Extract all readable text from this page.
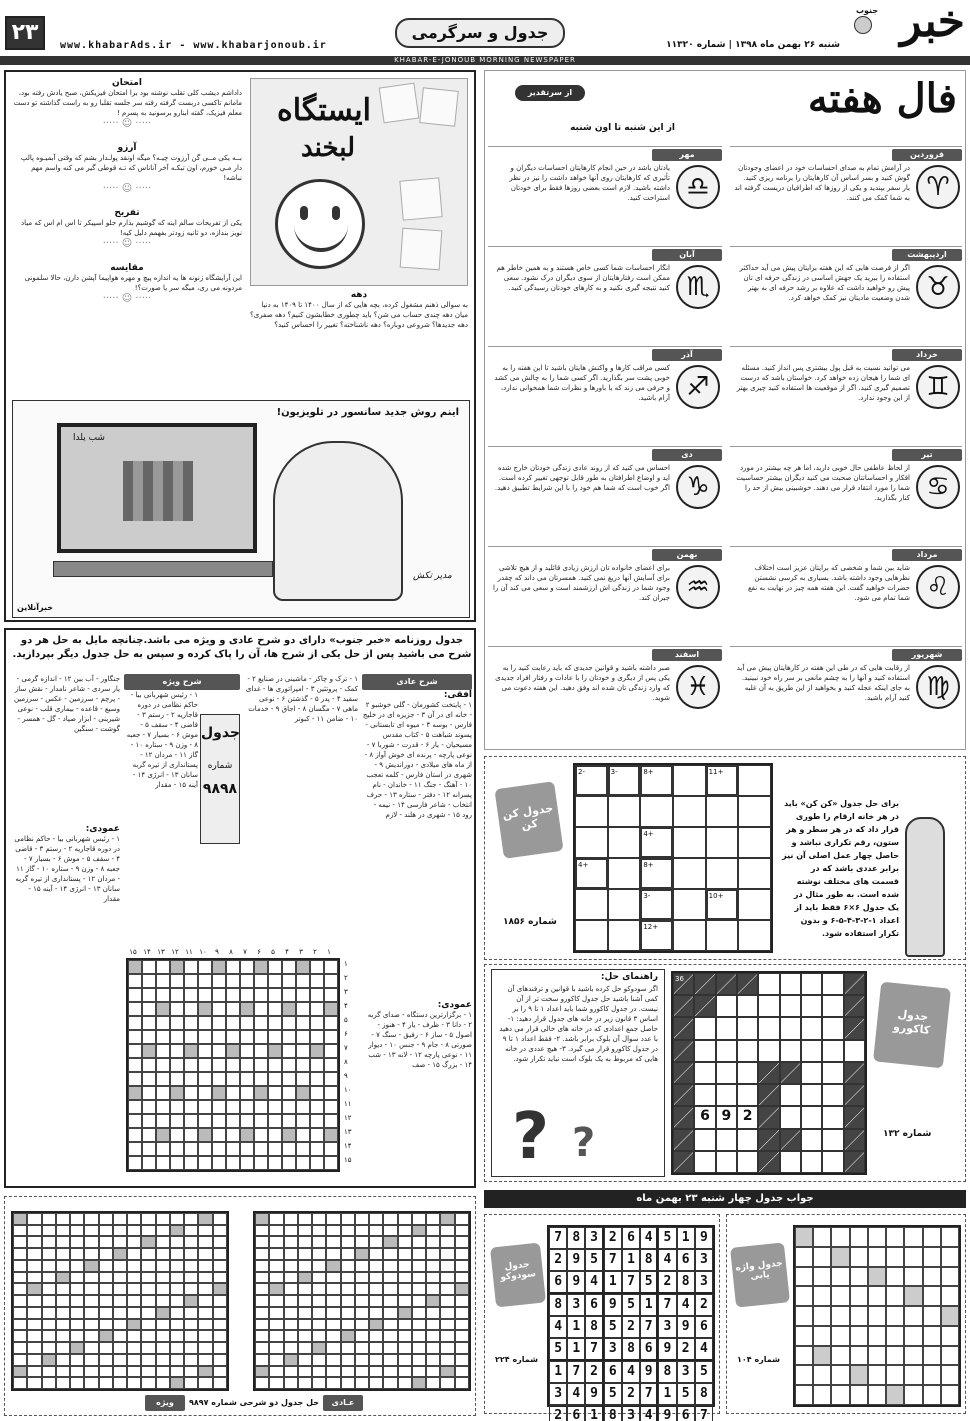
۲۳
www.khabarAds.ir - www.khabarjonoub.ir
جدول و سرگرمی
شنبه ۲۶ بهمن ماه ۱۳۹۸ | شماره ۱۱۳۲۰ خبر
جنوب
KHABAR-E-JONOUB MORNING NEWSPAPER
فال هفته
از سرتقدیر
از این شنبه تا اون شنبه
فروردین
♈
در آرامش تمام به صدای احساسات خود در اعضای وجودتان گوش کنید و بسر اساس آن کارهایتان را برنامه ریزی کنید. یار سفر بپندید و یکی از روزها که اطرافیان دریست گرفته اند به شما کمک می کنند.
اردیبهشت
♉
اگر از فرصت هایی که این هفته برایتان پیش می آید حداکثر استفاده را ببرید یک جهش اساسی در زندگی حرفه ای تان پیش رو خواهید داشت که علاوه بر رشد حرفه ای به بهتر شدن وضعیت مادیتان نیز کمک خواهد کرد.
خرداد
♊
می توانید نسبت به قبل پول بیشتری پس انداز کنید. مسئله ای شما را هیجان زده خواهد کرد. خواستان باشد که درست تصمیم گیری کنید. اگر از موقعیت ها استفاده کنید چیزی بهتر از این وجود ندارد.
تیر
♋
از لحاظ عاطفی حال خوبی دارید، اما هر چه بیشتر در مورد افکار و احساساتتان صحبت می کنید دیگران بیشتر حساسیت شما را مورد انتقاد قرار می دهند. خوشبینی بیش از حد را کنار بگذارید.
مرداد
♌
شاید بین شما و شخصی که برایتان عزیز است اختلاف نظرهایی وجود داشته باشد. بسیاری به کرسی نشستن حضرات خواهید گفت. این هفته همه چیز در نهایت به نفع شما تمام می شود.
شهریور
♍
از رقابت هایی که در طی این هفته در کارهایتان پیش می آید استفاده کنید و آنها را به چشم مانعی بر سر راه خود نبینید. به جای اینکه عجله کنید و بخواهید از این طریق به آن غلبه کنید آرام باشید.
مهر
♎
یادتان باشد در حین انجام کارهایتان احساسات دیگران و تأثیری که کارهایتان روی آنها خواهد داشت را نیز در نظر داشته باشید. لازم است بعضی روزها فقط برای خودتان استراحت کنید.
آبان
♏
انگار احساسات شما کسی خاص هستند و به همین خاطر هم ممکن است رفتارهایتان از سوی دیگران درک نشود. سعی کنید نتیجه گیری نکنید و به کارهای خودتان رسیدگی کنید.
آذر
♐
کسی مراقب کارها و واکنش هایتان باشید تا این هفته را به خوبی پشت سر بگذارید. اگر کسی شما را به چالش می کشد و حرفی می زند که با باورها و نظرات شما همخوانی ندارد، آرام باشید.
دی
♑
احساس می کنید که از روند عادی زندگی خودتان خارج شده اید و اوضاع اطرافتان به طور قابل توجهی تغییر کرده است. اگر خوب است که شما هم خود را با این شرایط تطبیق دهید.
بهمن
♒
برای اعضای خانواده تان ارزش زیادی قائلید و از هیچ تلاشی برای آسایش آنها دریغ نمی کنید. همسرتان می داند که چقدر وجود شما در زندگی اش ارزشمند است و سعی می کند آن را جبران کند.
اسفند
♓
صبر داشته باشید و قوانین جدیدی که باید رعایت کنید را به یکی پس از دیگری و خودتان را با عادات و رفتار افراد جدیدی که وارد زندگی تان شده اند وفق دهید. این هفته دعوت می شوید.
ایستگاه
لبخند
امتحان
داداشم دیشب کلی تقلب نوشته بود برا امتحان فیزیکش، صبح یادش رفته بود، مامانم تاکسی دربست گرفته رفته سر جلسه تقلبا رو به راست گذاشته تو دست معلم فیزیک، گفته ابنارو برسونید به پسرم !
····· ☺ ·····
آرزو
بــه یکی مــی گن آرزوت چیـه؟ میگه اونقد پولـدار بشم که وقتی آبمیـوه پالپ دار مـی خورم، اون تیکـه آخر آناناس که تـه قوطی گیر می کنه واسم مهم نباشه!
····· ☺ ·····
تفریح
یکی از تفریحات سالم اینه که گوشیم بذارم جلو اسپیکر تا اس ام اس که میاد نویز بندازه، دو ثانیه زودتر بفهمم دلیل کیه!
····· ☺ ·····
مقایسه
این آرایشگاه زنونه ها یه اندازه پیچ و مهره هواپیما آپشن دارن، حالا سلمونی مردونه می ری، میگه سر یا صورت؟!
····· ☺ ·····	دهه
به سوالی ذهنم مشغول کرده، بچه هایی که از سال ۱۴۰۰ تا ۱۴۰۹ به دنیا میان دهه چندی حساب می شن؟ باید چطوری خطابشون کنیم؟ دهه صفری؟ دهه جدیدها؟ شروعی دوباره؟ دهه ناشناخته؟ تغییر را احساس کنید؟
اینم روش جدید سانسور در تلویزیون!
شب یلدا
مدیر تکش
خبرآنلاین
جدول روزنامه «خبر جنوب» دارای دو شرح عادی و ویژه می باشد.چنانچه مایل به حل هر دو شرح می باشید پس از حل یکی از شرح ها، آن را پاک کرده و سپس به حل جدول دیگر بپردازید.
شرح عادی
افقی:
۱ - پایتخت کشورمان - گلی خوشبو ۲ - خانه ای در آن ۳ - جزیره ای در خلیج فارس - بوسه ۴ - میوه ای تابستانی - پسوند شباهت ۵ - کتاب مقدس مسیحیان - یار ۶ - قدرت - شوربا ۷ - نوعی پارچه - پرنده ای خوش آواز ۸ - از ماه های میلادی - دوراندیش ۹ - شهری در استان فارس - کلمه تعجب ۱۰ - آهنگ - جنگ ۱۱ - خاندان - نام پسرانه ۱۲ - دفتر - ستاره ۱۳ - حرف انتخاب - شاعر فارسی ۱۴ - نیمه - رود ۱۵ - شهری در هلند - لازم
عمودی:
۱ - برگزارترین دستگاه - صدای گربه ۲ - دانا ۳ - ظرف - یار ۴ - هنوز - اصول ۵ - ساز ۶ - رفیق - سنگ ۷ - صورتی ۸ - جام ۹ - جنس ۱۰ - دیوار ۱۱ - نوعی پارچه ۱۲ - لانه ۱۳ - شب ۱۴ - بزرگ ۱۵ - صف
۱ - ترک و چاکر - ماشینی در صنایع ۲ - کمک - پروتئین ۳ - امپراتوری ها - غدای سفید ۴ - پدر ۵ - گذشتن ۶ - نوعی ماهی ۷ - مگسان ۸ - اجاق ۹ - خدمات ۱۰ - ضامن ۱۱ - کبوتر
شرح ویژه
جدول
شماره
۹۸۹۸
۱ - رئیس شهربانی بیا - حاکم نظامی در دوره قاجاریه ۲ - رستم ۳ - قاضی ۴ - سقف ۵ - موش ۶ - بسیار ۷ - جعبه ۸ - وزن ۹ - ستاره ۱۰ - گاز ۱۱ - مردان ۱۲ - پستانداری از تیره گربه سانان ۱۳ - انرژی ۱۴ - آینه ۱۵ - مقدار
جنگاور - آب بین ۱۲ - اندازه گرمی - یار سردی - شاعر نامدار - نقش ساز - پرچم - سرزمین - عکس - سرزمین وسیع - قاعده - بیماری قلب - نوعی شیرینی - ابزار صیاد - گل - همسر - گوشت - سنگین
عمودی:
۱ - رئیس شهربانی بیا - حاکم نظامی در دوره قاجاریه ۲ - رستم ۳ - قاضی ۴ - سقف ۵ - موش ۶ - بسیار ۷ - جعبه ۸ - وزن ۹ - ستاره ۱۰ - گاز ۱۱ - مردان ۱۲ - پستانداری از تیره گربه سانان ۱۳ - انرژی ۱۴ - آینه ۱۵ - مقدار
۱۵ ۱۴ ۱۳ ۱۲ ۱۱ ۱۰	۹	۸	۷	۶	۵	۴	۳	۲	۱
۱
۲
۳
۴
۵
۶
۷
۸
۹
۱۰
۱۱
۱۲
۱۳
۱۴
۱۵
جدول کن کن
شماره ۱۸۵۶
2-	3-	8+	11+
4+
4+	8+
3-	10+
12+
برای حل جدول «کن کن» باید در هر خانه ارقام را طوری قرار داد که در هر سطر و هر ستون، رقم تکراری نباشد و حاصل چهار عمل اصلی آن نیز برابر عددی باشد که در قسمت های مختلف نوشته شده است. به طور مثال در یک جدول ۶×۶ فقط باید از اعداد ۱-۲-۳-۴-۵-۶ و بدون تکرار استفاده شود.
راهنمای حل:
اگر سودوکو حل کرده باشید با قوانین و ترفندهای آن کمی آشنا باشید حل جدول کاکورو سخت تر از آن نیست. در جدول کاکورو شما باید اعداد ۱ تا ۹ را بر اساس ۳ قانون زیر در خانه های جدول قرار دهید: ۱- حاصل جمع اعدادی که در خانه های خالی قرار می دهید با عدد سوال آن بلوک برابر باشد. ۲- فقط اعداد ۱ تا ۹ در جدول کاکورو قرار می گیرد. ۳- هیچ عددی در خانه هایی که مربوط به یک بلوک است نباید تکرار شود.
? ?
36
6 9 2
جدول کاکورو
شماره ۱۳۲
جواب جدول چهار شنبه ۲۳ بهمن ماه
جدول سودوکو
شماره ۲۲۴
7 8 3 2 6 4 5 1 9
2 9 5 7 1 8 4 6 3
6 9 4 1 7 5 2 8 3
8 3 6 9 5 1 7 4 2
4 1 8 5 2 7 3 9 6
5 1 7 3 8 6 9 2 4
1 7 2 6 4 9 8 3 5
3 4 9 5 2 7 1 5 8
2 6 1 8 3 4 9 6 7
جدول واژه یابی
شماره ۱۰۴
ویژه	حل جدول دو شرحی شماره ۹۸۹۷	عـادی
